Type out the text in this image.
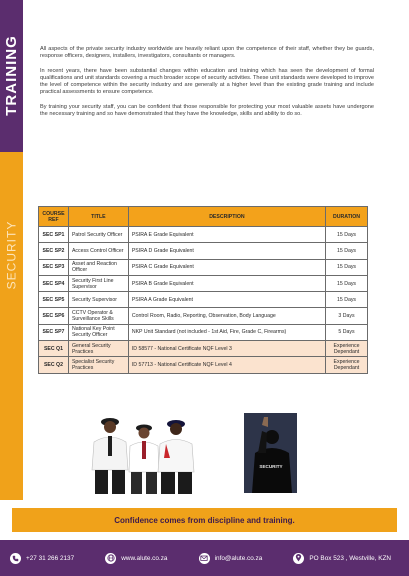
TRAINING
SECURITY

All aspects of the private security industry worldwide are heavily reliant upon the competence of their staff, whether they be guards, response officers, designers, installers, investigators, consultants or managers.

In recent years, there have been substantial changes within education and training which has seen the development of formal qualifications and unit standards covering a much broader scope of security activities. These unit standards were developed to improve the level of competence within the security industry and are generally at a higher level than the existing grade training and include practical assessments to ensure competence.

By training your security staff, you can be confident that those responsible for protecting your most valuable assets have undergone the necessary training and so have demonstrated that they have the knowledge, skills and ability to do so.

COURSE REF	TITLE	DESCRIPTION	DURATION
SEC SP1	Patrol Security Officer	PSIRA E Grade Equivalent	15 Days
SEC SP2	Access Control Officer	PSIRA D Grade Equivalent	15 Days
SEC SP3	Asset and Reaction Officer	PSIRA C Grade Equivalent	15 Days
SEC SP4	Security First Line Supervisor	PSIRA B Grade Equivalent	15 Days
SEC SP5	Security Supervisor	PSIRA A Grade Equivalent	15 Days
SEC SP6	CCTV Operator & Surveillance Skills	Control Room, Radio, Reporting, Observation, Body Language	3 Days
SEC SP7	National Key Point Security Officer	NKP Unit Standard (not included - 1st Aid, Fire, Grade C, Firearms)	5 Days
SEC Q1	General Security Practices	ID 58577 - National Certificate NQF Level 3	Experience Dependant
SEC Q2	Specialist Security Practices	ID 57713 - National Certificate NQF Level 4	Experience Dependant
SECURITY
Confidence comes from discipline and training.
+27 31 266 2137	www.alute.co.za	info@alute.co.za	PO Box 523 , Westville, KZN
